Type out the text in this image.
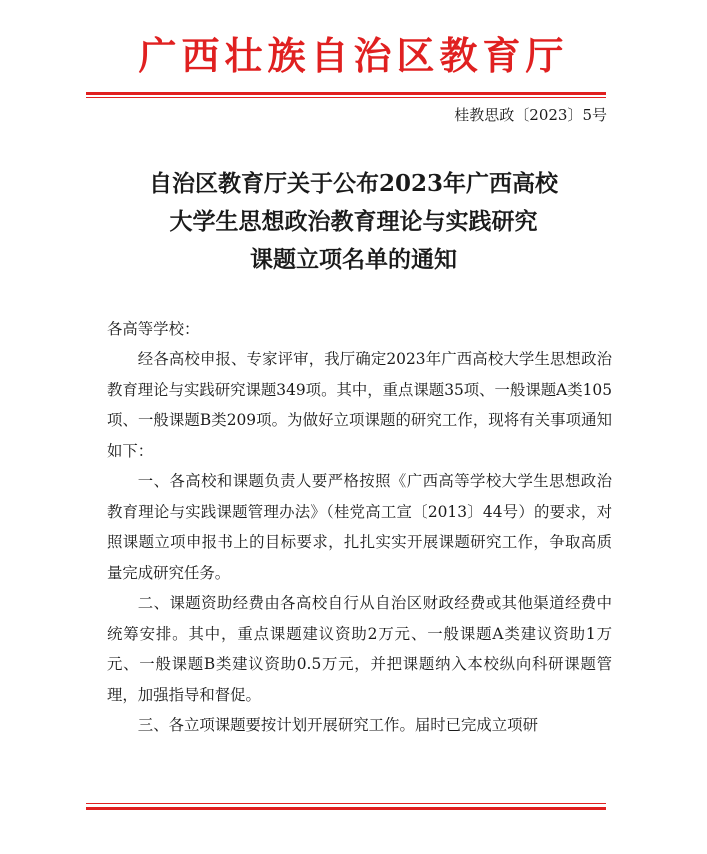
广西壮族自治区教育厅
桂教思政〔2023〕5号
自治区教育厅关于公布2023年广西高校
大学生思想政治教育理论与实践研究
课题立项名单的通知
各高等学校：

经各高校申报、专家评审，我厅确定2023年广西高校大学生思想政治教育理论与实践研究课题349项。其中，重点课题35项、一般课题A类105项、一般课题B类209项。为做好立项课题的研究工作，现将有关事项通知如下：

一、各高校和课题负责人要严格按照《广西高等学校大学生思想政治教育理论与实践课题管理办法》（桂党高工宣〔2013〕44号）的要求，对照课题立项申报书上的目标要求，扎扎实实开展课题研究工作，争取高质量完成研究任务。

二、课题资助经费由各高校自行从自治区财政经费或其他渠道经费中统筹安排。其中，重点课题建议资助2万元、一般课题A类建议资助1万元、一般课题B类建议资助0.5万元，并把课题纳入本校纵向科研课题管理，加强指导和督促。

三、各立项课题要按计划开展研究工作。届时已完成立项研
